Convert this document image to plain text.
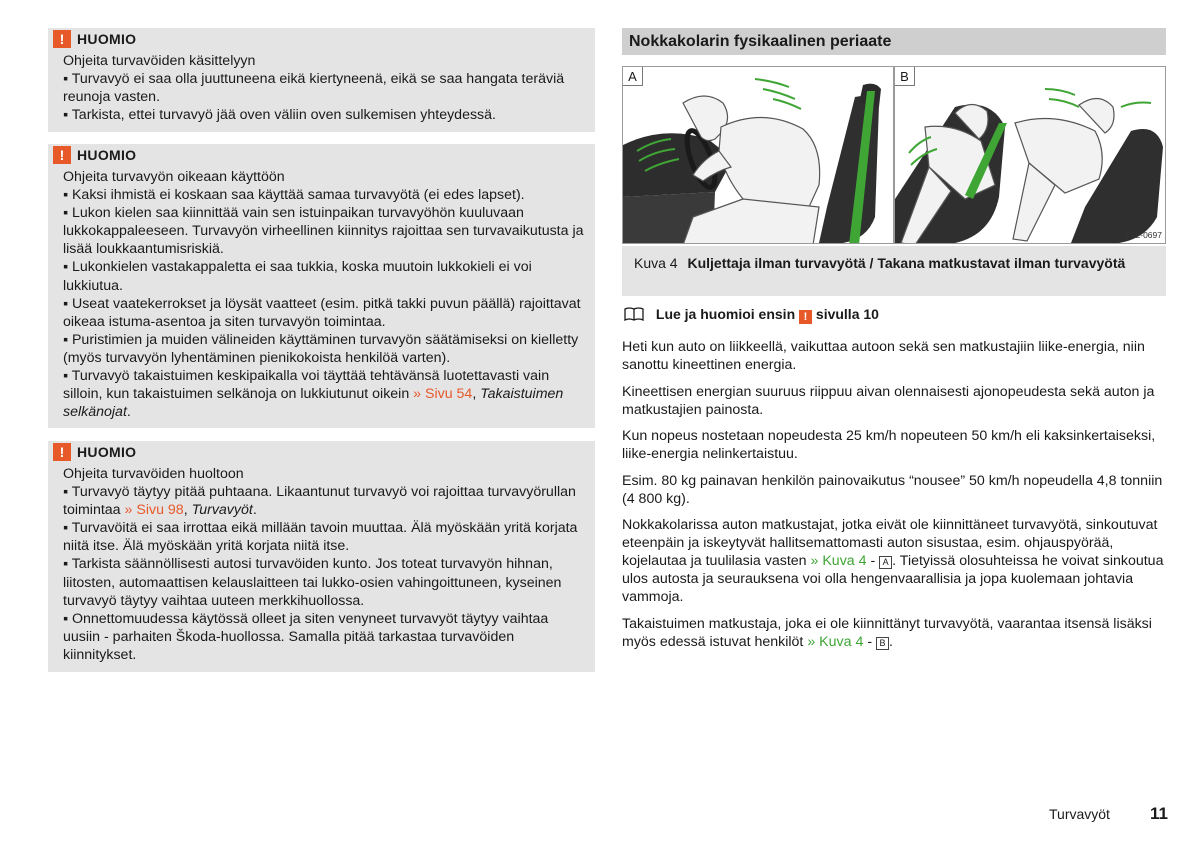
! HUOMIO

Ohjeita turvavöiden käsittelyyn

▪ Turvavyö ei saa olla juuttuneena eikä kiertyneenä, eikä se saa hangata teräviä reunoja vasten.

▪ Tarkista, ettei turvavyö jää oven väliin oven sulkemisen yhteydessä.

! HUOMIO

Ohjeita turvavyön oikeaan käyttöön

▪ Kaksi ihmistä ei koskaan saa käyttää samaa turvavyötä (ei edes lapset).

▪ Lukon kielen saa kiinnittää vain sen istuinpaikan turvavyöhön kuuluvaan lukkokappaleeseen. Turvavyön virheellinen kiinnitys rajoittaa sen turvavaikutusta ja lisää loukkaantumisriskiä.

▪ Lukonkielen vastakappaletta ei saa tukkia, koska muutoin lukkokieli ei voi lukkiutua.

▪ Useat vaatekerrokset ja löysät vaatteet (esim. pitkä takki puvun päällä) rajoittavat oikeaa istuma-asentoa ja siten turvavyön toimintaa.

▪ Puristimien ja muiden välineiden käyttäminen turvavyön säätämiseksi on kielletty (myös turvavyön lyhentäminen pienikokoista henkilöä varten).

▪ Turvavyö takaistuimen keskipaikalla voi täyttää tehtävänsä luotettavasti vain silloin, kun takaistuimen selkänoja on lukkiutunut oikein » Sivu 54, Takaistuimen selkänojat.

! HUOMIO

Ohjeita turvavöiden huoltoon

▪ Turvavyö täytyy pitää puhtaana. Likaantunut turvavyö voi rajoittaa turvavyörullan toimintaa » Sivu 98, Turvavyöt.

▪ Turvavöitä ei saa irrottaa eikä millään tavoin muuttaa. Älä myöskään yritä korjata niitä itse. Älä myöskään yritä korjata niitä itse.

▪ Tarkista säännöllisesti autosi turvavöiden kunto. Jos toteat turvavyön hihnan, liitosten, automaattisen kelauslaitteen tai lukko-osien vahingoittuneen, kyseinen turvavyö täytyy vaihtaa uuteen merkkihuollossa.

▪ Onnettomuudessa käytössä olleet ja siten venyneet turvavyöt täytyy vaihtaa uusiin - parhaiten Škoda-huollossa. Samalla pitää tarkastaa turvavöiden kiinnitykset.

Nokkakolarin fysikaalinen periaate
A	B
B5L-0697
Kuva 4 Kuljettaja ilman turvavyötä / Takana matkustavat ilman turvavyötä
Lue ja huomioi ensin ! sivulla 10

Heti kun auto on liikkeellä, vaikuttaa autoon sekä sen matkustajiin liike-energia, niin sanottu kineettinen energia.

Kineettisen energian suuruus riippuu aivan olennaisesti ajonopeudesta sekä auton ja matkustajien painosta.

Kun nopeus nostetaan nopeudesta 25 km/h nopeuteen 50 km/h eli kaksinkertaiseksi, liike-energia nelinkertaistuu.

Esim. 80 kg painavan henkilön painovaikutus “nousee” 50 km/h nopeudella 4,8 tonniin (4 800 kg).

Nokkakolarissa auton matkustajat, jotka eivät ole kiinnittäneet turvavyötä, sinkoutuvat eteenpäin ja iskeytyvät hallitsemattomasti auton sisustaa, esim. ohjauspyörää, kojelautaa ja tuulilasia vasten » Kuva 4 - A . Tietyissä olosuhteissa he voivat sinkoutua ulos autosta ja seurauksena voi olla hengenvaarallisia ja jopa kuolemaan johtavia vammoja.

Takaistuimen matkustaja, joka ei ole kiinnittänyt turvavyötä, vaarantaa itsensä lisäksi myös edessä istuvat henkilöt » Kuva 4 - B .

Turvavyöt 11
